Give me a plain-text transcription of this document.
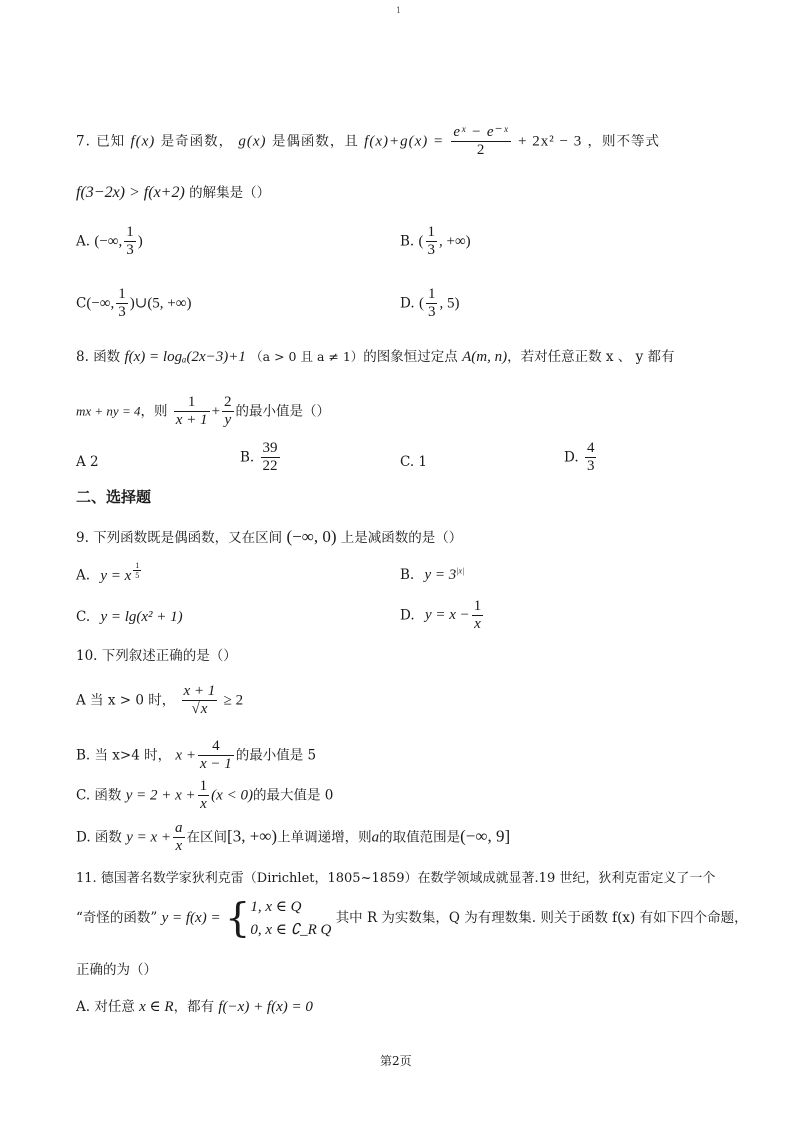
1
7. 已知 f(x) 是奇函数， g(x) 是偶函数，且 $f(x)+g(x) = \frac{\text{eˣ − e⁻ˣ}}{2} + 2x^2 - 3$ ，则不等式
f(3−2x) > f(x+2) 的解集是（）
A. (−∞, $\frac{1}{3}$ )	B. ( $\frac{1}{3}$ , +∞)
C(−∞, $\frac{1}{3}$ )∪(5, +∞)	D. ( $\frac{1}{3}$ , 5)
8. 函数 f(x) = logₐ(2x−3)+1 （a > 0 且 a ≠ 1）的图象恒过定点 A(m, n)，若对任意正数 x 、 y 都有
mx + ny = 4，则 $\frac{1}{x + 1} + \frac{2}{y}$ 的最小值是（）
A 2	B. $\frac{39}{22}$	C. 1	D. $\frac{4}{3}$
二、选择题
9. 下列函数既是偶函数，又在区间 (−∞, 0) 上是减函数的是（）
A. y = x $^{\frac{1}{5}}$	B. $y = 3^{|x|}$
C. y = lg(x² + 1)	D. $y = x - \frac{1}{x}$
10. 下列叙述正确的是（）
A 当 x > 0 时， $\frac{x + 1}{√x} \ge 2$
B. 当 x>4 时， $x + \frac{4}{x - 1}$ 的最小值是 5
C. 函数 $y = 2 + x + \frac{1}{x} (x < 0)$的最大值是 0
D. 函数 $y = x + \frac{a}{x}$ 在区间[3, +∞)上单调递增，则a的取值范围是(−∞, 9]
11. 德国著名数学家狄利克雷（Dirichlet，1805~1859）在数学领域成就显著.19 世纪，狄利克雷定义了一个
“奇怪的函数” y = f(x) = { 1, x ∈ Q
0, x ∈ ∁_R Q
其中 R 为实数集，Q 为有理数集. 则关于函数 f(x) 有如下四个命题，
正确的为（）
A. 对任意 x ∈ R，都有 f(−x) + f(x) = 0
第2页
